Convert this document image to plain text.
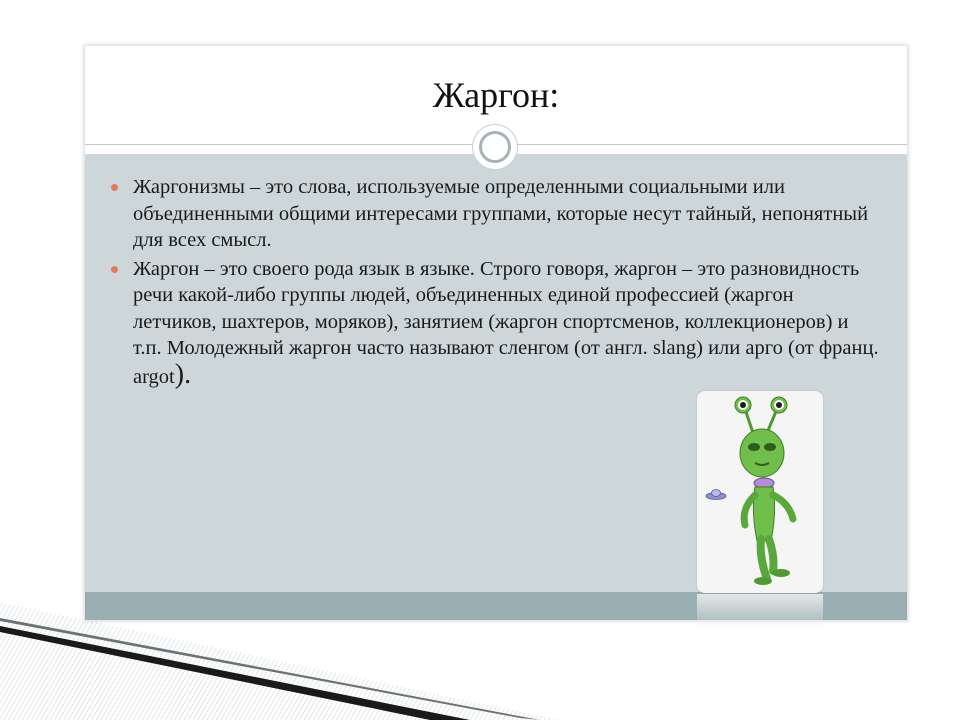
Жаргон:
Жаргонизмы – это слова, используемые определенными социальными или объединенными общими интересами группами, которые несут тайный, непонятный для всех смысл.
Жаргон – это своего рода язык в языке. Строго говоря, жаргон – это разновидность речи какой-либо группы людей, объединенных единой профессией (жаргон летчиков, шахтеров, моряков), занятием (жаргон спортсменов, коллекционеров) и т.п. Молодежный жаргон часто называют сленгом (от англ. slang) или арго (от франц. argot).
